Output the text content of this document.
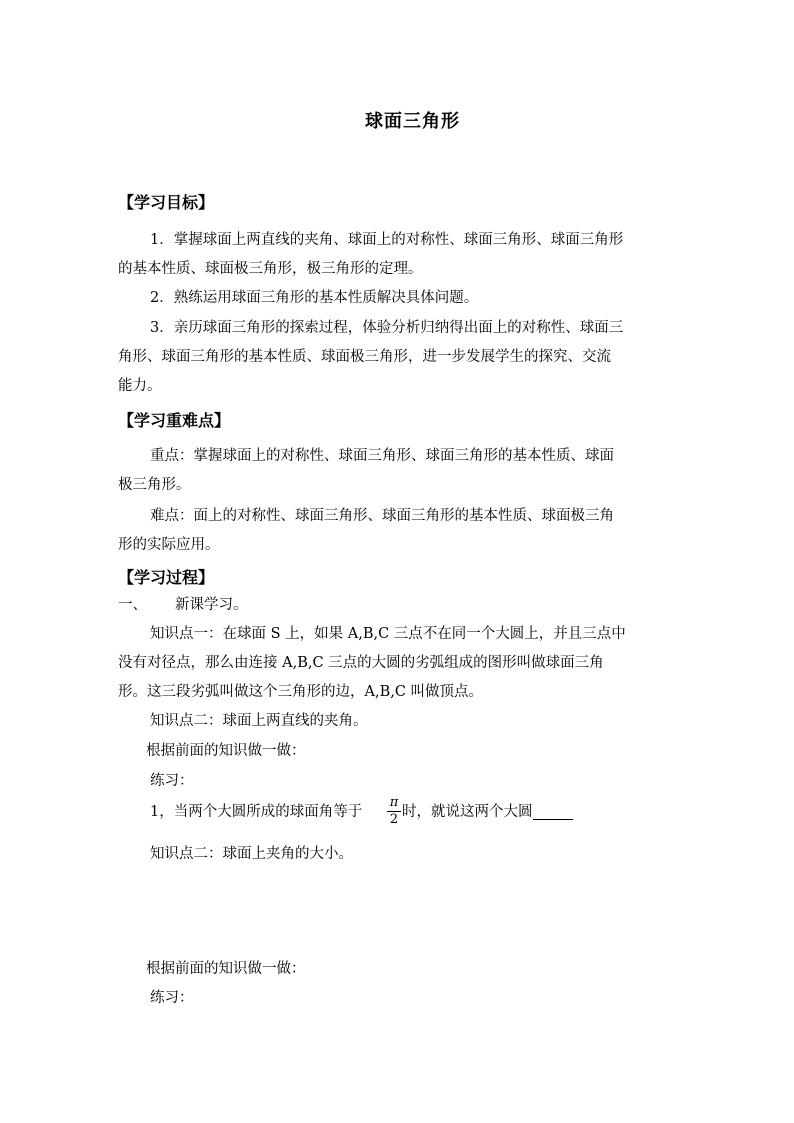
球面三角形
【学习目标】
1．掌握球面上两直线的夹角、球面上的对称性、球面三角形、球面三角形
的基本性质、球面极三角形，极三角形的定理。
2．熟练运用球面三角形的基本性质解决具体问题。
3．亲历球面三角形的探索过程，体验分析归纳得出面上的对称性、球面三
角形、球面三角形的基本性质、球面极三角形，进一步发展学生的探究、交流
能力。
【学习重难点】
重点：掌握球面上的对称性、球面三角形、球面三角形的基本性质、球面
极三角形。
难点：面上的对称性、球面三角形、球面三角形的基本性质、球面极三角
形的实际应用。
【学习过程】
一、 新课学习。
知识点一：在球面 S 上，如果 A,B,C 三点不在同一个大圆上，并且三点中
没有对径点，那么由连接 A,B,C 三点的大圆的劣弧组成的图形叫做球面三角
形。这三段劣弧叫做这个三角形的边，A,B,C 叫做顶点。
知识点二：球面上两直线的夹角。
根据前面的知识做一做：
练习：
1，当两个大圆所成的球面角等于
π
2 时，就说这两个大圆
知识点二：球面上夹角的大小。
根据前面的知识做一做：
练习：
